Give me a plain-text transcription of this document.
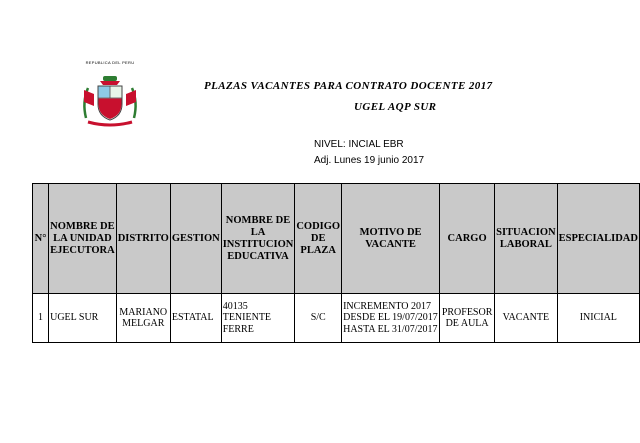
REPUBLICA DEL PERU
PLAZAS VACANTES PARA CONTRATO DOCENTE 2017
UGEL AQP SUR
NIVEL: INCIAL EBR
Adj. Lunes 19 junio 2017
N°	NOMBRE DE LA UNIDAD EJECUTORA	DISTRITO	GESTION	NOMBRE DE LA INSTITUCION EDUCATIVA	CODIGO DE PLAZA	MOTIVO DE VACANTE	CARGO	SITUACION LABORAL	ESPECIALIDAD
1	UGEL SUR	MARIANO MELGAR	ESTATAL	40135 TENIENTE FERRE	S/C	INCREMENTO 2017 DESDE EL 19/07/2017 HASTA EL 31/07/2017	PROFESOR DE AULA	VACANTE	INICIAL
